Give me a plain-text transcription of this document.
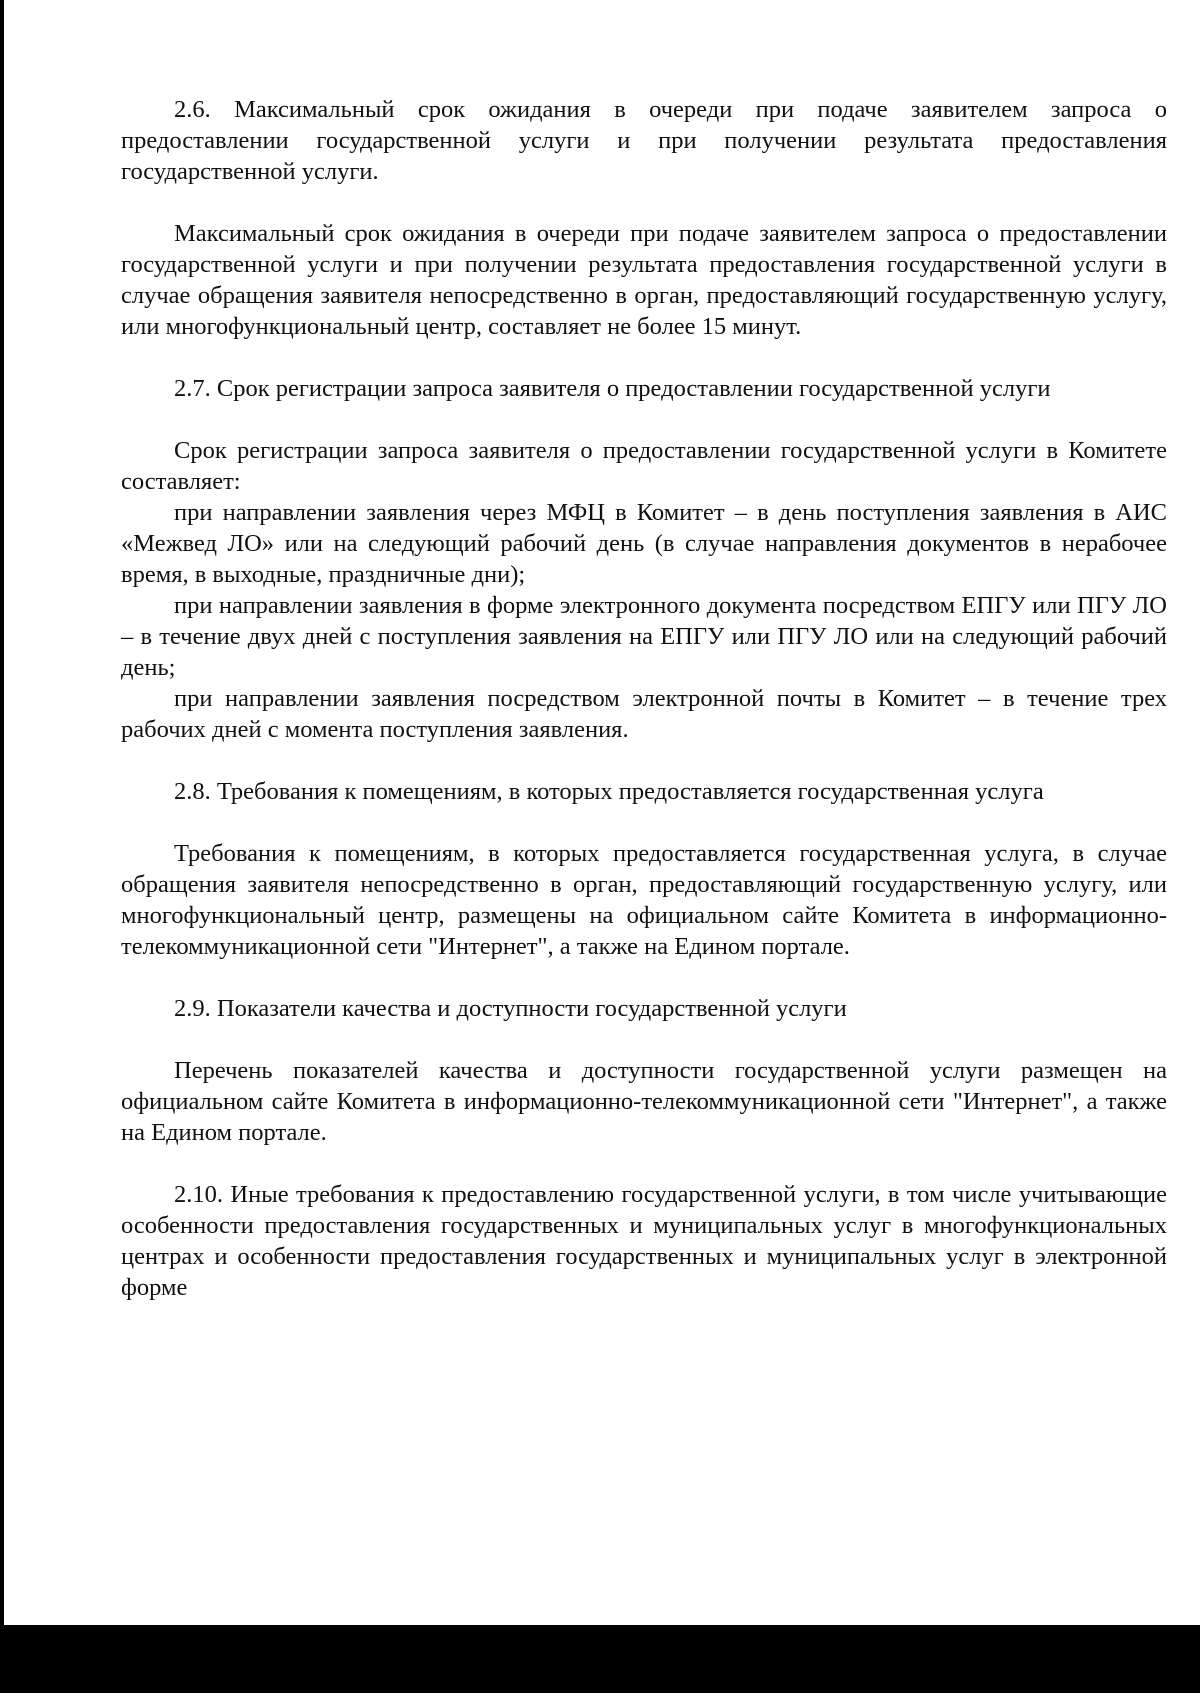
2.6. Максимальный срок ожидания в очереди при подаче заявителем запроса о предоставлении государственной услуги и при получении результата предоставления государственной услуги.

Максимальный срок ожидания в очереди при подаче заявителем запроса о предоставлении государственной услуги и при получении результата предоставления государственной услуги в случае обращения заявителя непосредственно в орган, предоставляющий государственную услугу, или многофункциональный центр, составляет не более 15 минут.

2.7. Срок регистрации запроса заявителя о предоставлении государственной услуги

Срок регистрации запроса заявителя о предоставлении государственной услуги в Комитете составляет:

при направлении заявления через МФЦ в Комитет – в день поступления заявления в АИС «Межвед ЛО» или на следующий рабочий день (в случае направления документов в нерабочее время, в выходные, праздничные дни);

при направлении заявления в форме электронного документа посредством ЕПГУ или ПГУ ЛО – в течение двух дней с поступления заявления на ЕПГУ или ПГУ ЛО или на следующий рабочий день;

при направлении заявления посредством электронной почты в Комитет – в течение трех рабочих дней с момента поступления заявления.

2.8. Требования к помещениям, в которых предоставляется государственная услуга

Требования к помещениям, в которых предоставляется государственная услуга, в случае обращения заявителя непосредственно в орган, предоставляющий государственную услугу, или многофункциональный центр, размещены на официальном сайте Комитета в информационно-телекоммуникационной сети "Интернет", а также на Едином портале.

2.9. Показатели качества и доступности государственной услуги

Перечень показателей качества и доступности государственной услуги размещен на официальном сайте Комитета в информационно-телекоммуникационной сети "Интернет", а также на Едином портале.

2.10. Иные требования к предоставлению государственной услуги, в том числе учитывающие особенности предоставления государственных и муниципальных услуг в многофункциональных центрах и особенности предоставления государственных и муниципальных услуг в электронной форме
